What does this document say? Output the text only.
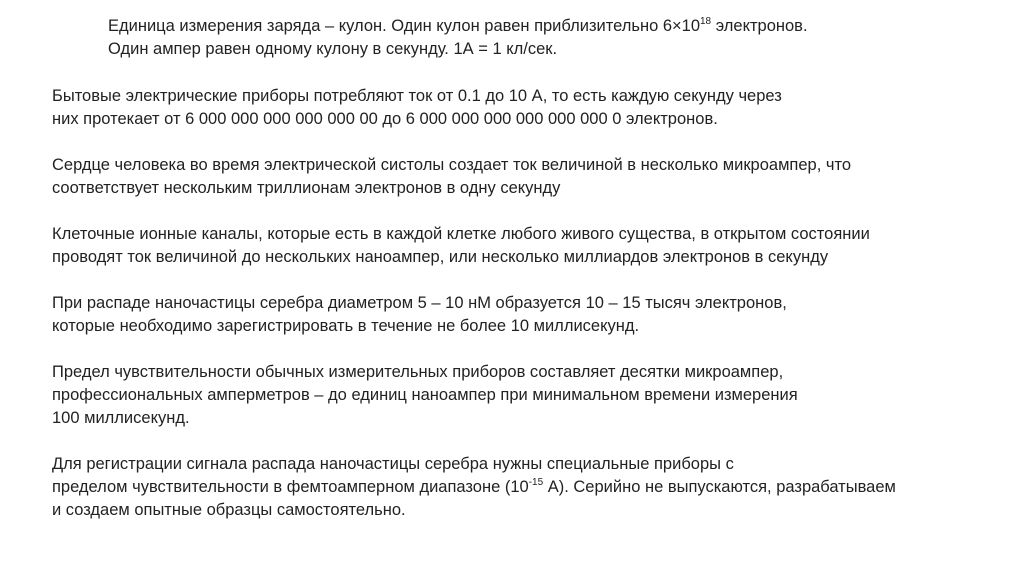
Единица измерения заряда – кулон. Один кулон равен приблизительно $6\times 10^{18}$ электронов.
Один ампер равен одному кулону в секунду. 1А = 1 кл/сек.

Бытовые электрические приборы потребляют ток от 0.1 до 10 А, то есть каждую секунду через
них протекает от 6 000 000 000 000 000 00 до 6 000 000 000 000 000 000 0 электронов.

Сердце человека во время электрической систолы создает ток величиной в несколько микроампер, что
соответствует нескольким триллионам электронов в одну секунду

Клеточные ионные каналы, которые есть в каждой клетке любого живого существа, в открытом состоянии
проводят ток величиной до нескольких наноампер, или несколько миллиардов электронов в секунду

При распаде наночастицы серебра диаметром 5 – 10 нМ образуется 10 – 15 тысяч электронов,
которые необходимо зарегистрировать в течение не более 10 миллисекунд.

Предел чувствительности обычных измерительных приборов составляет десятки микроампер,
профессиональных амперметров – до единиц наноампер при минимальном времени измерения
100 миллисекунд.

Для регистрации сигнала распада наночастицы серебра нужны специальные приборы с
пределом чувствительности в фемтоамперном диапазоне ($10^{-15}$ А). Серийно не выпускаются, разрабатываем
и создаем опытные образцы самостоятельно.
